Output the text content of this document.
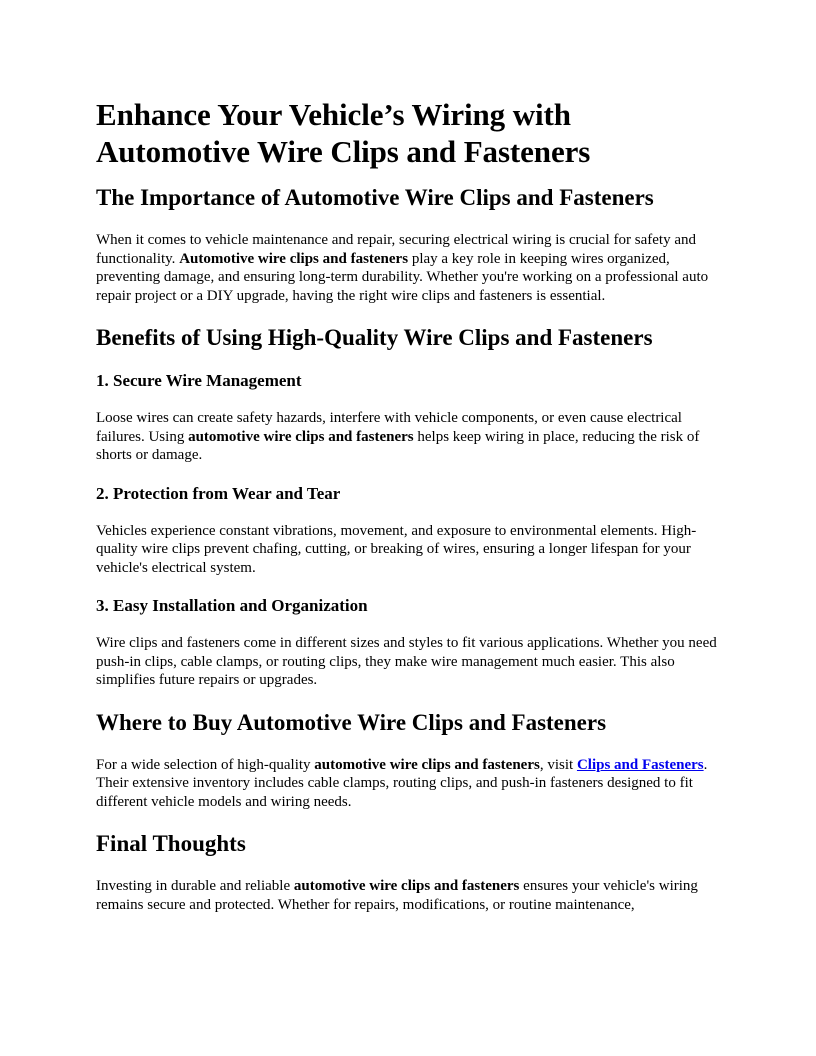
Enhance Your Vehicle’s Wiring with Automotive Wire Clips and Fasteners
The Importance of Automotive Wire Clips and Fasteners

When it comes to vehicle maintenance and repair, securing electrical wiring is crucial for safety and functionality. Automotive wire clips and fasteners play a key role in keeping wires organized, preventing damage, and ensuring long-term durability. Whether you're working on a professional auto repair project or a DIY upgrade, having the right wire clips and fasteners is essential.

Benefits of Using High-Quality Wire Clips and Fasteners
1. Secure Wire Management

Loose wires can create safety hazards, interfere with vehicle components, or even cause electrical failures. Using automotive wire clips and fasteners helps keep wiring in place, reducing the risk of shorts or damage.

2. Protection from Wear and Tear

Vehicles experience constant vibrations, movement, and exposure to environmental elements. High-quality wire clips prevent chafing, cutting, or breaking of wires, ensuring a longer lifespan for your vehicle's electrical system.

3. Easy Installation and Organization

Wire clips and fasteners come in different sizes and styles to fit various applications. Whether you need push-in clips, cable clamps, or routing clips, they make wire management much easier. This also simplifies future repairs or upgrades.

Where to Buy Automotive Wire Clips and Fasteners

For a wide selection of high-quality automotive wire clips and fasteners, visit Clips and Fasteners. Their extensive inventory includes cable clamps, routing clips, and push-in fasteners designed to fit different vehicle models and wiring needs.

Final Thoughts

Investing in durable and reliable automotive wire clips and fasteners ensures your vehicle's wiring remains secure and protected. Whether for repairs, modifications, or routine maintenance,
